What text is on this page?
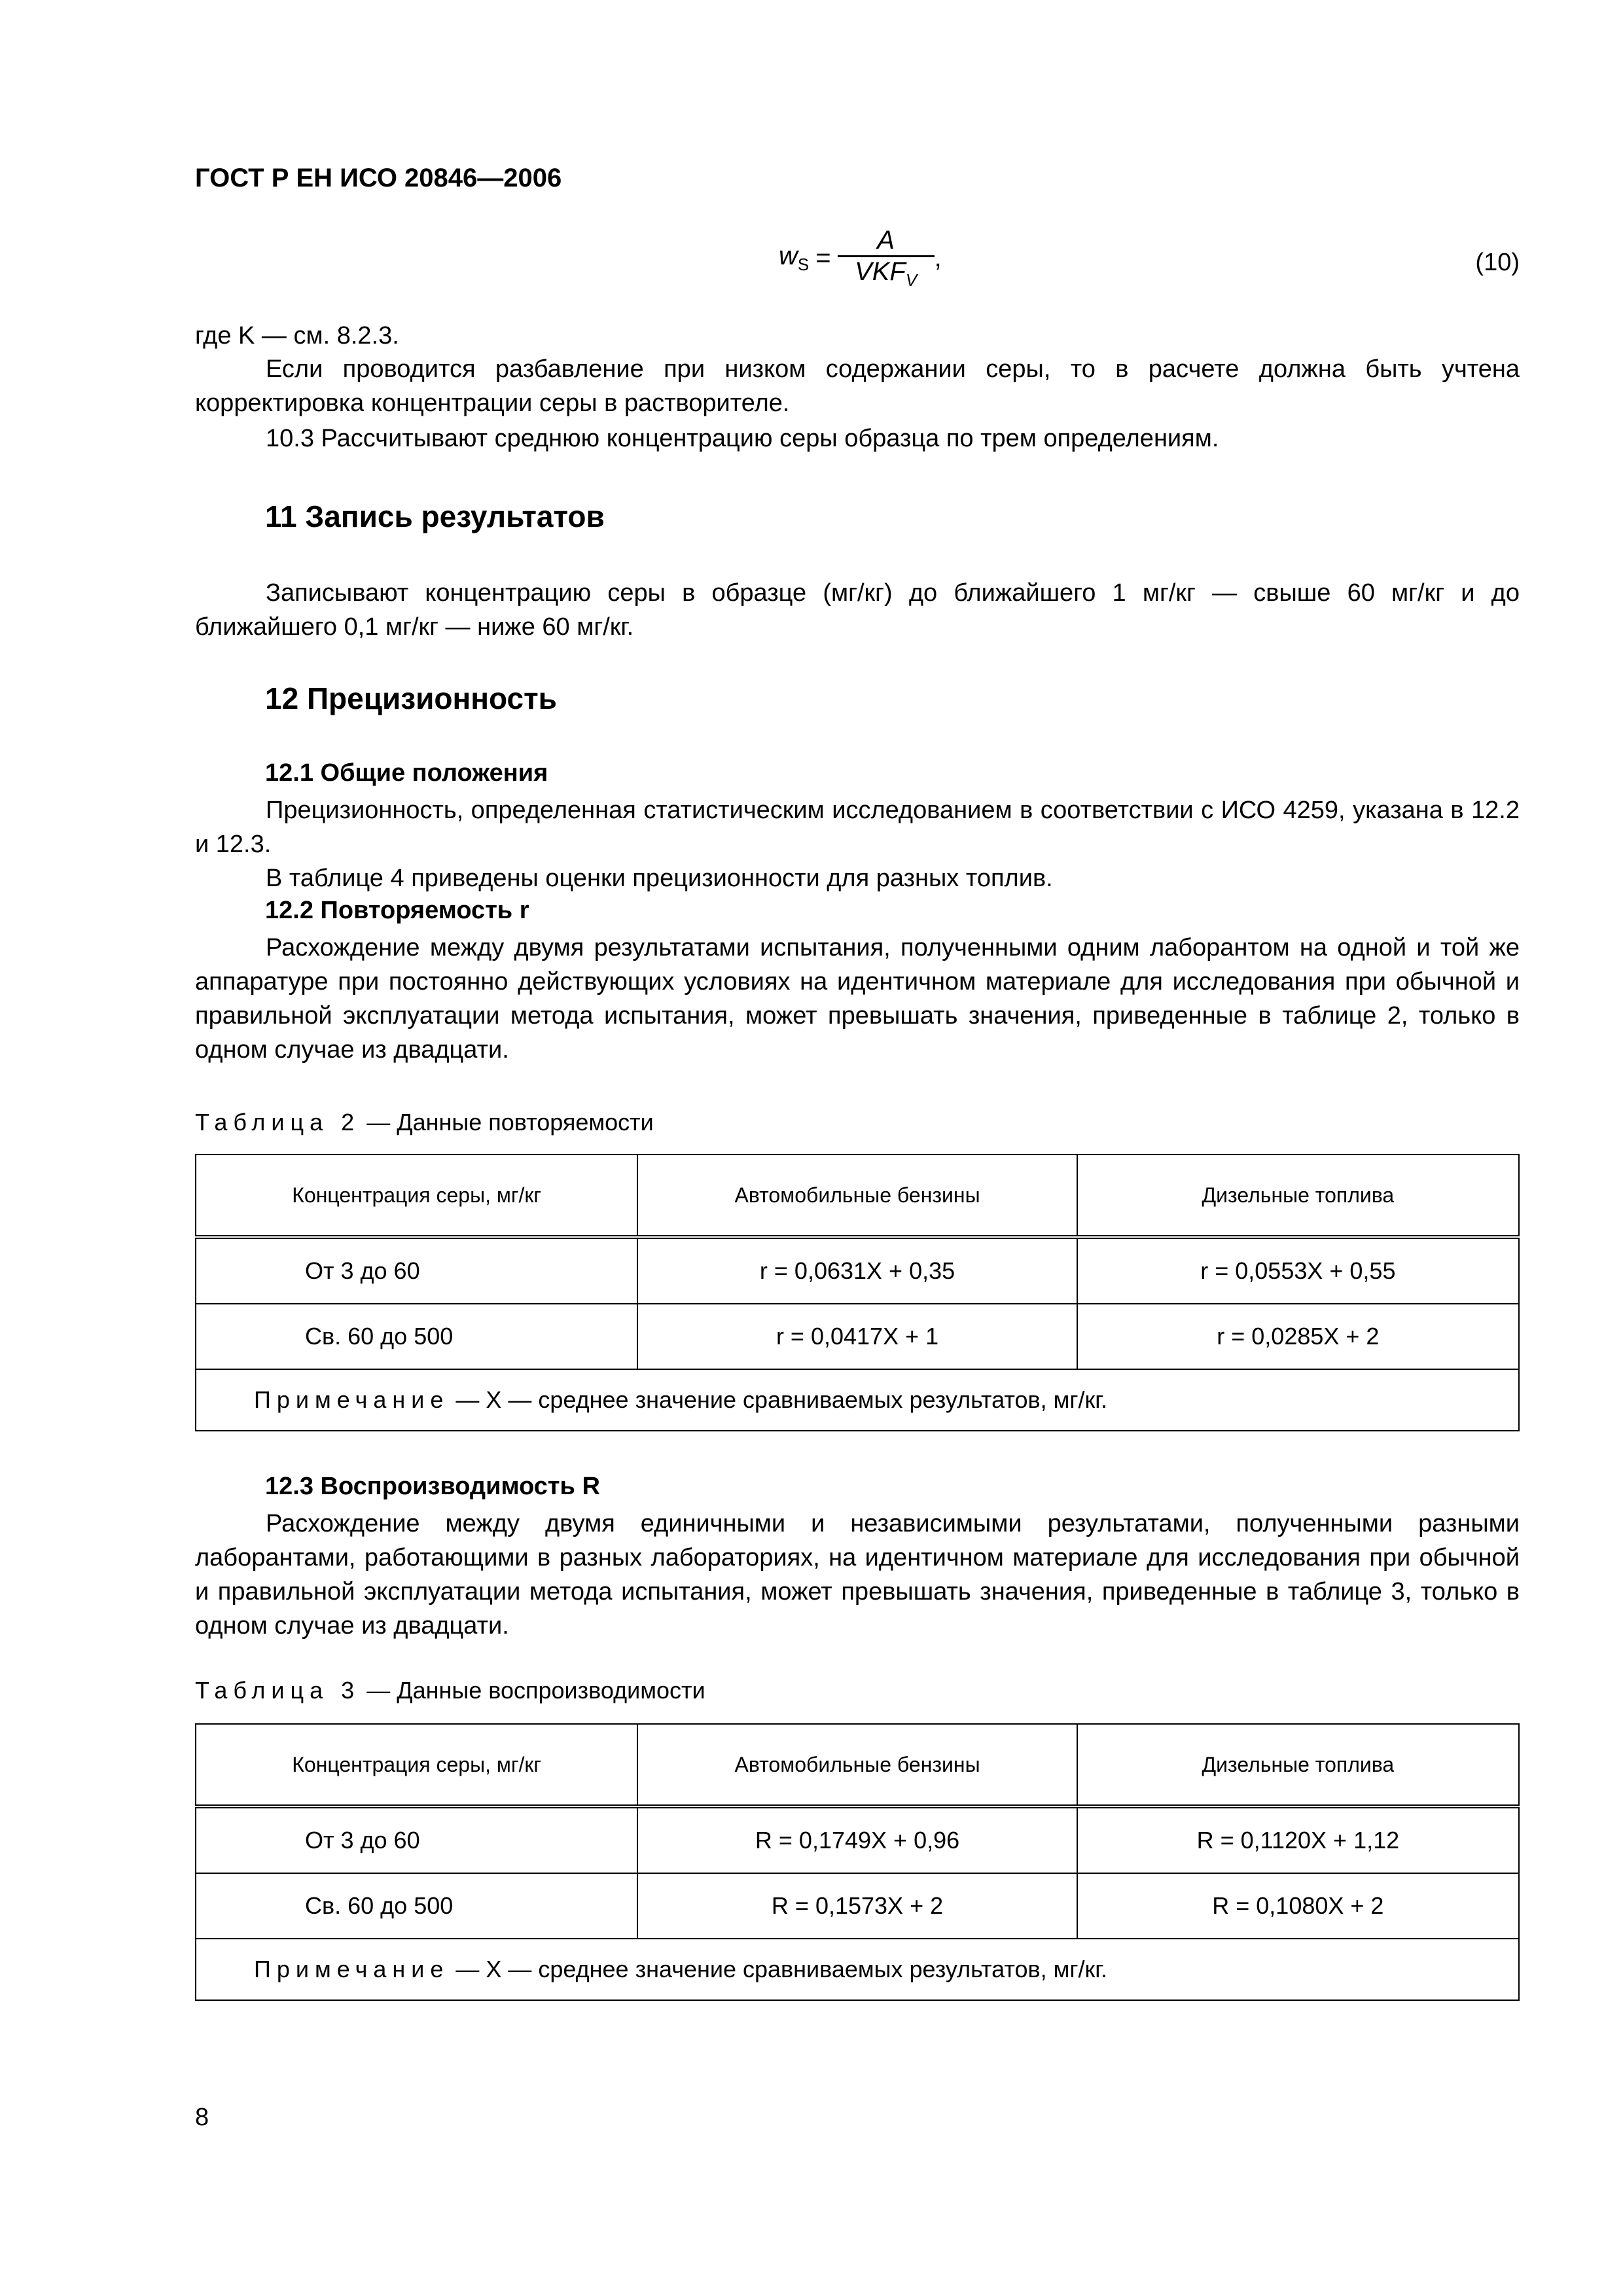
ГОСТ Р ЕН ИСО 20846—2006
$w_S$ =
A
$VKF_V$
,	(10)
где K — см. 8.2.3.

Если проводится разбавление при низком содержании серы, то в расчете должна быть учтена корректировка концентрации серы в растворителе.

10.3 Рассчитывают среднюю концентрацию серы образца по трем определениям.

11 Запись результатов

Записывают концентрацию серы в образце (мг/кг) до ближайшего 1 мг/кг — свыше 60 мг/кг и до ближайшего 0,1 мг/кг — ниже 60 мг/кг.

12 Прецизионность
12.1 Общие положения

Прецизионность, определенная статистическим исследованием в соответствии с ИСО 4259, указана в 12.2 и 12.3.

В таблице 4 приведены оценки прецизионности для разных топлив.

12.2 Повторяемость r

Расхождение между двумя результатами испытания, полученными одним лаборантом на одной и той же аппаратуре при постоянно действующих условиях на идентичном материале для исследования при обычной и правильной эксплуатации метода испытания, может превышать значения, приведенные в таблице 2, только в одном случае из двадцати.

Таблица 2 — Данные повторяемости
Концентрация серы, мг/кг	Автомобильные бензины	Дизельные топлива
От 3 до 60	r = 0,0631X + 0,35	r = 0,0553X + 0,55
Св. 60 до 500	r = 0,0417X + 1	r = 0,0285X + 2
Примечание — X — среднее значение сравниваемых результатов, мг/кг.		
12.3 Воспроизводимость R

Расхождение между двумя единичными и независимыми результатами, полученными разными лаборантами, работающими в разных лабораториях, на идентичном материале для исследования при обычной и правильной эксплуатации метода испытания, может превышать значения, приведенные в таблице 3, только в одном случае из двадцати.

Таблица 3 — Данные воспроизводимости
Концентрация серы, мг/кг	Автомобильные бензины	Дизельные топлива
От 3 до 60	R = 0,1749X + 0,96	R = 0,1120X + 1,12
Св. 60 до 500	R = 0,1573X + 2	R = 0,1080X + 2
Примечание — X — среднее значение сравниваемых результатов, мг/кг.		
8
